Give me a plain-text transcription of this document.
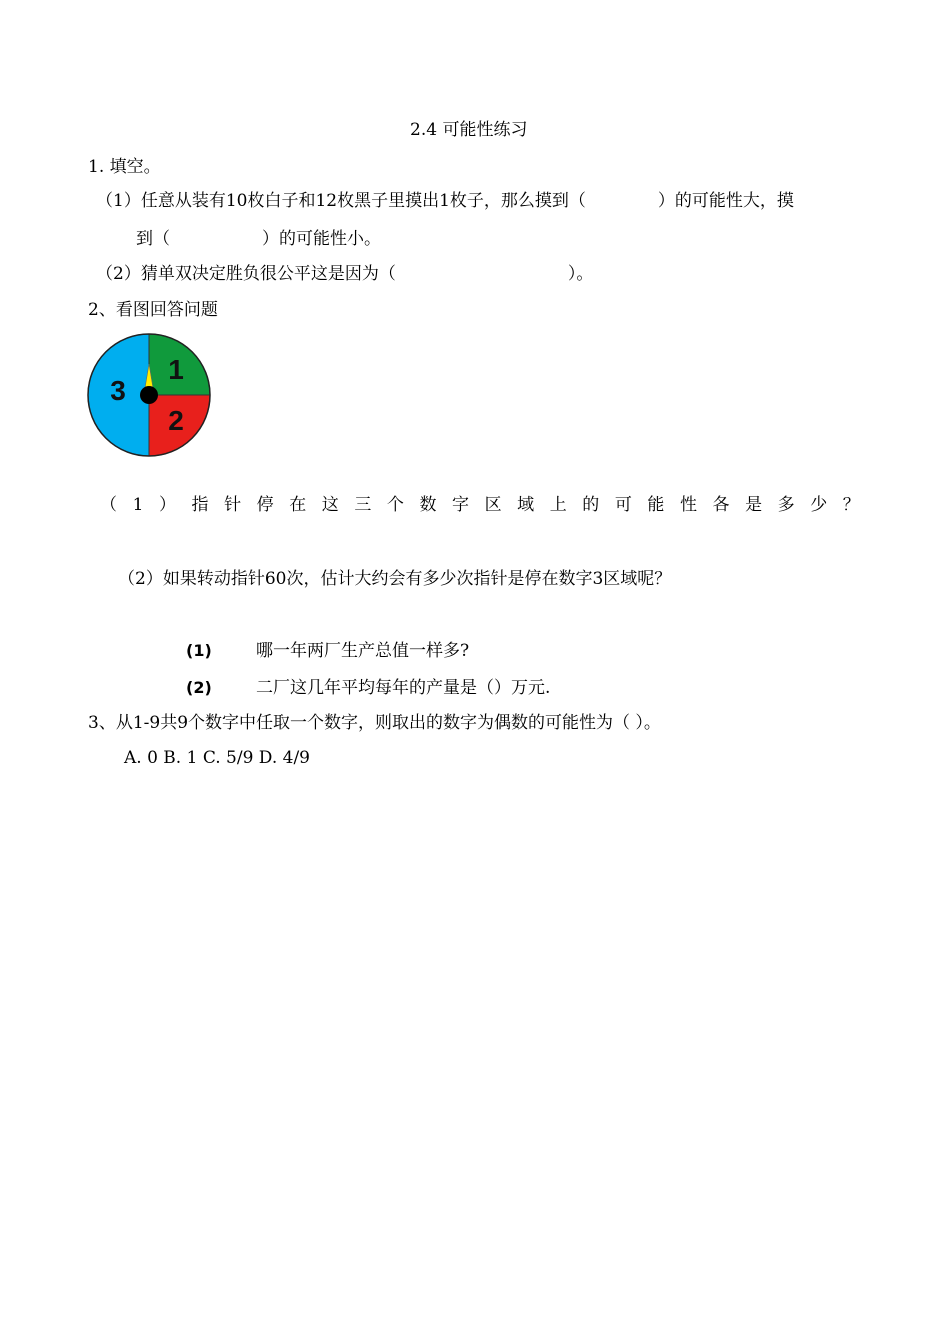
2.4 可能性练习
1. 填空。
（1）任意从装有10枚白子和12枚黑子里摸出1枚子，那么摸到（	）的可能性大，摸
到（	）的可能性小。
（2）猜单双决定胜负很公平这是因为（	）。
2、看图回答问题
1
2
3
（ 1 ） 指 针 停 在 这 三 个 数 字 区 域 上 的 可 能 性 各 是 多 少 ？
（2）如果转动指针60次，估计大约会有多少次指针是停在数字3区域呢？
(1)	哪一年两厂生产总值一样多?
(2)	二厂这几年平均每年的产量是（）万元.
3、从1-9共9个数字中任取一个数字，则取出的数字为偶数的可能性为（ ）。
A. 0 B. 1 C. 5/9 D. 4/9
